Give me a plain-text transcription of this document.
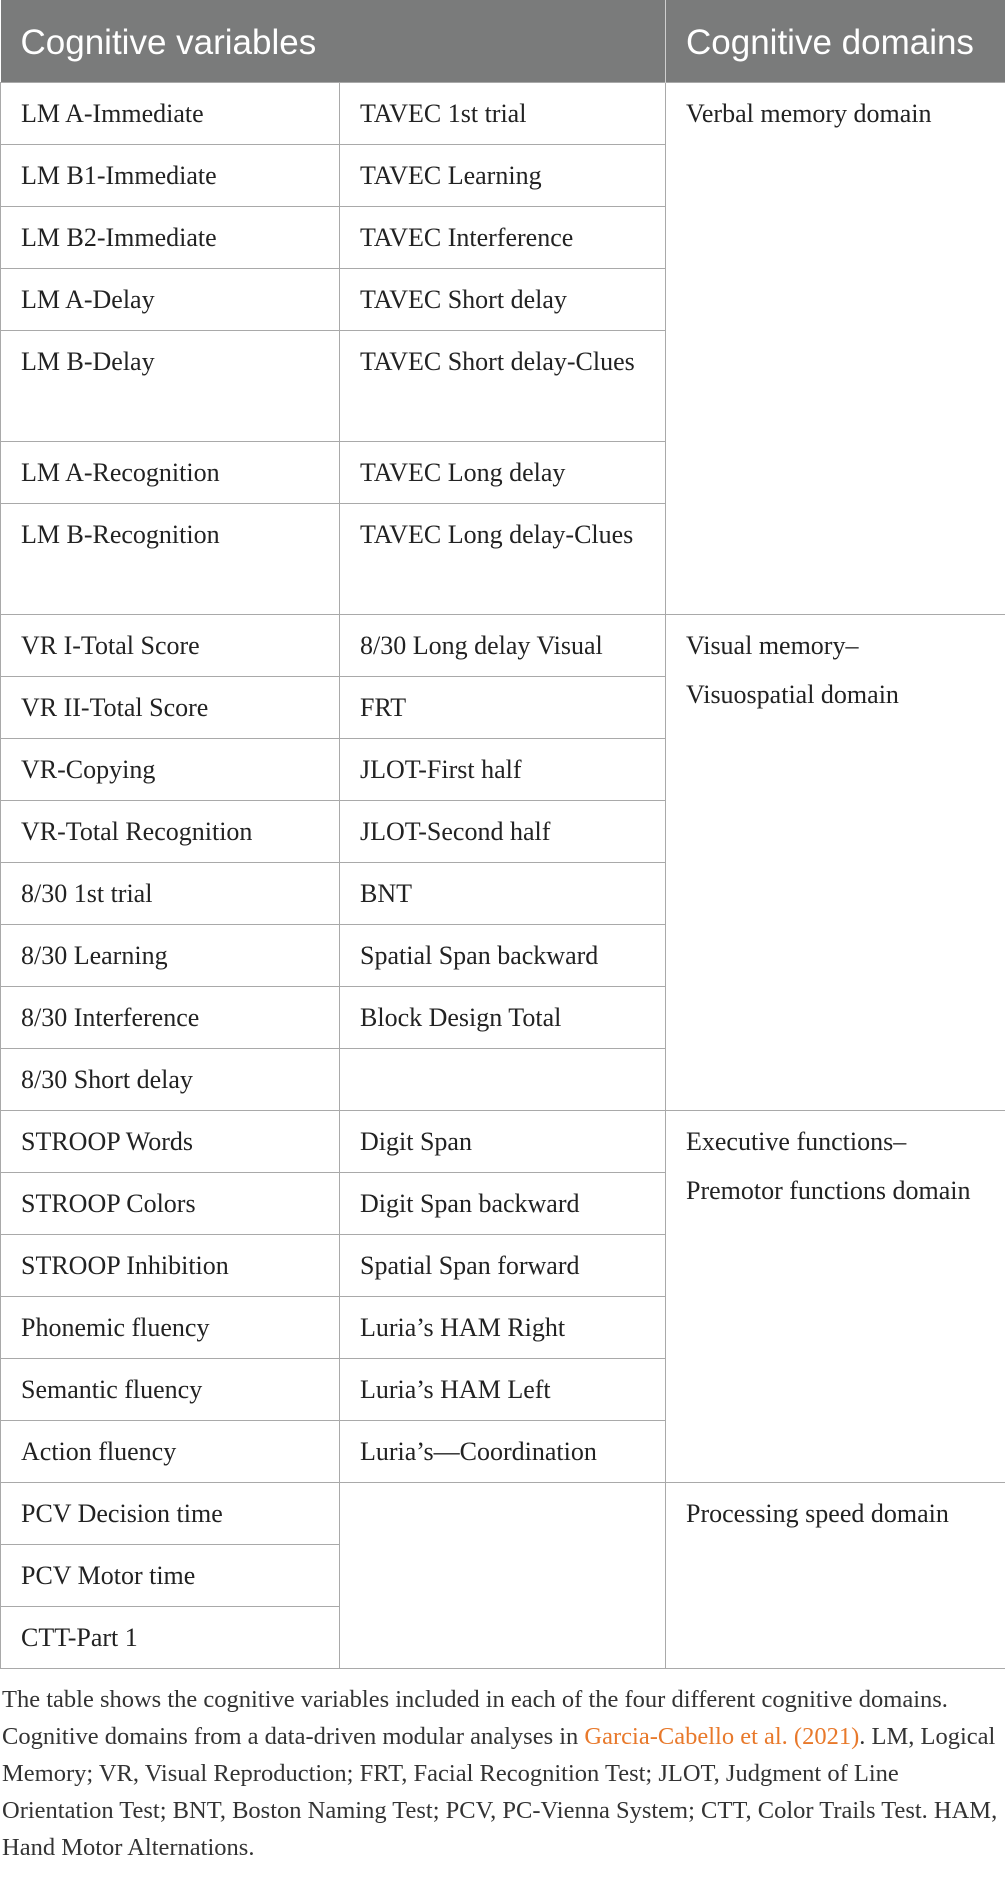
Cognitive variables		Cognitive domains
LM A-Immediate	TAVEC 1st trial	Verbal memory domain
LM B1-Immediate	TAVEC Learning	
LM B2-Immediate	TAVEC Interference	
LM A-Delay	TAVEC Short delay	
LM B-Delay	TAVEC Short delay-Clues	
LM A-Recognition	TAVEC Long delay	
LM B-Recognition	TAVEC Long delay-Clues	
VR I-Total Score	8/30 Long delay Visual	Visual memory–Visuospatial domain
VR II-Total Score	FRT	
VR-Copying	JLOT-First half	
VR-Total Recognition	JLOT-Second half	
8/30 1st trial	BNT	
8/30 Learning	Spatial Span backward	
8/30 Interference	Block Design Total	
8/30 Short delay		
STROOP Words	Digit Span	Executive functions–Premotor functions domain
STROOP Colors	Digit Span backward	
STROOP Inhibition	Spatial Span forward	
Phonemic fluency	Luria’s HAM Right	
Semantic fluency	Luria’s HAM Left	
Action fluency	Luria’s—Coordination	
PCV Decision time		Processing speed domain
PCV Motor time		
CTT-Part 1		

The table shows the cognitive variables included in each of the four different cognitive domains. Cognitive domains from a data-driven modular analyses in Garcia-Cabello et al. (2021). LM, Logical Memory; VR, Visual Reproduction; FRT, Facial Recognition Test; JLOT, Judgment of Line Orientation Test; BNT, Boston Naming Test; PCV, PC-Vienna System; CTT, Color Trails Test. HAM, Hand Motor Alternations.
